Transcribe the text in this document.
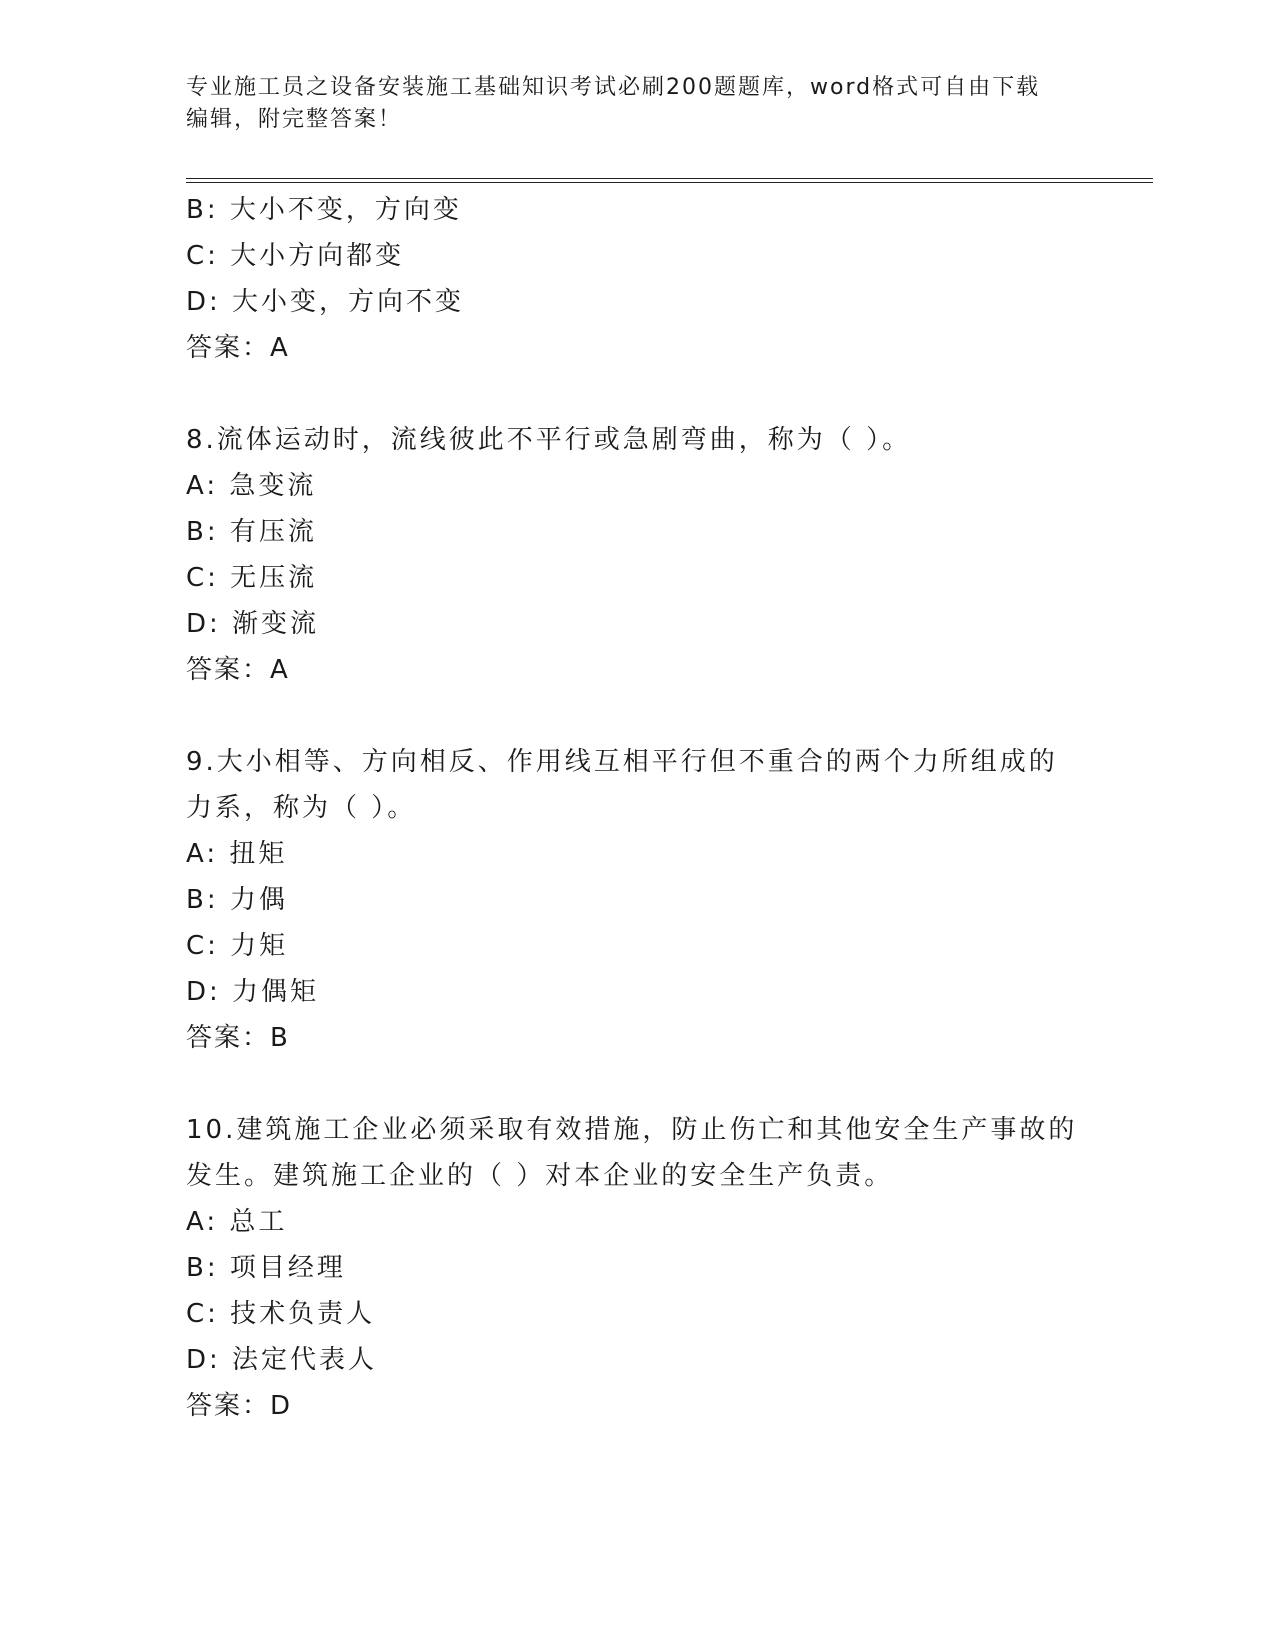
专业施工员之设备安装施工基础知识考试必刷200题题库，word格式可自由下载
编辑，附完整答案！
B: 大小不变，方向变
C: 大小方向都变
D: 大小变，方向不变
答案：A
8.流体运动时，流线彼此不平行或急剧弯曲，称为（ ）。
A: 急变流
B: 有压流
C: 无压流
D: 渐变流
答案：A
9.大小相等、方向相反、作用线互相平行但不重合的两个力所组成的
力系，称为（ ）。
A: 扭矩
B: 力偶
C: 力矩
D: 力偶矩
答案：B
10.建筑施工企业必须采取有效措施，防止伤亡和其他安全生产事故的
发生。建筑施工企业的（ ）对本企业的安全生产负责。
A: 总工
B: 项目经理
C: 技术负责人
D: 法定代表人
答案：D
